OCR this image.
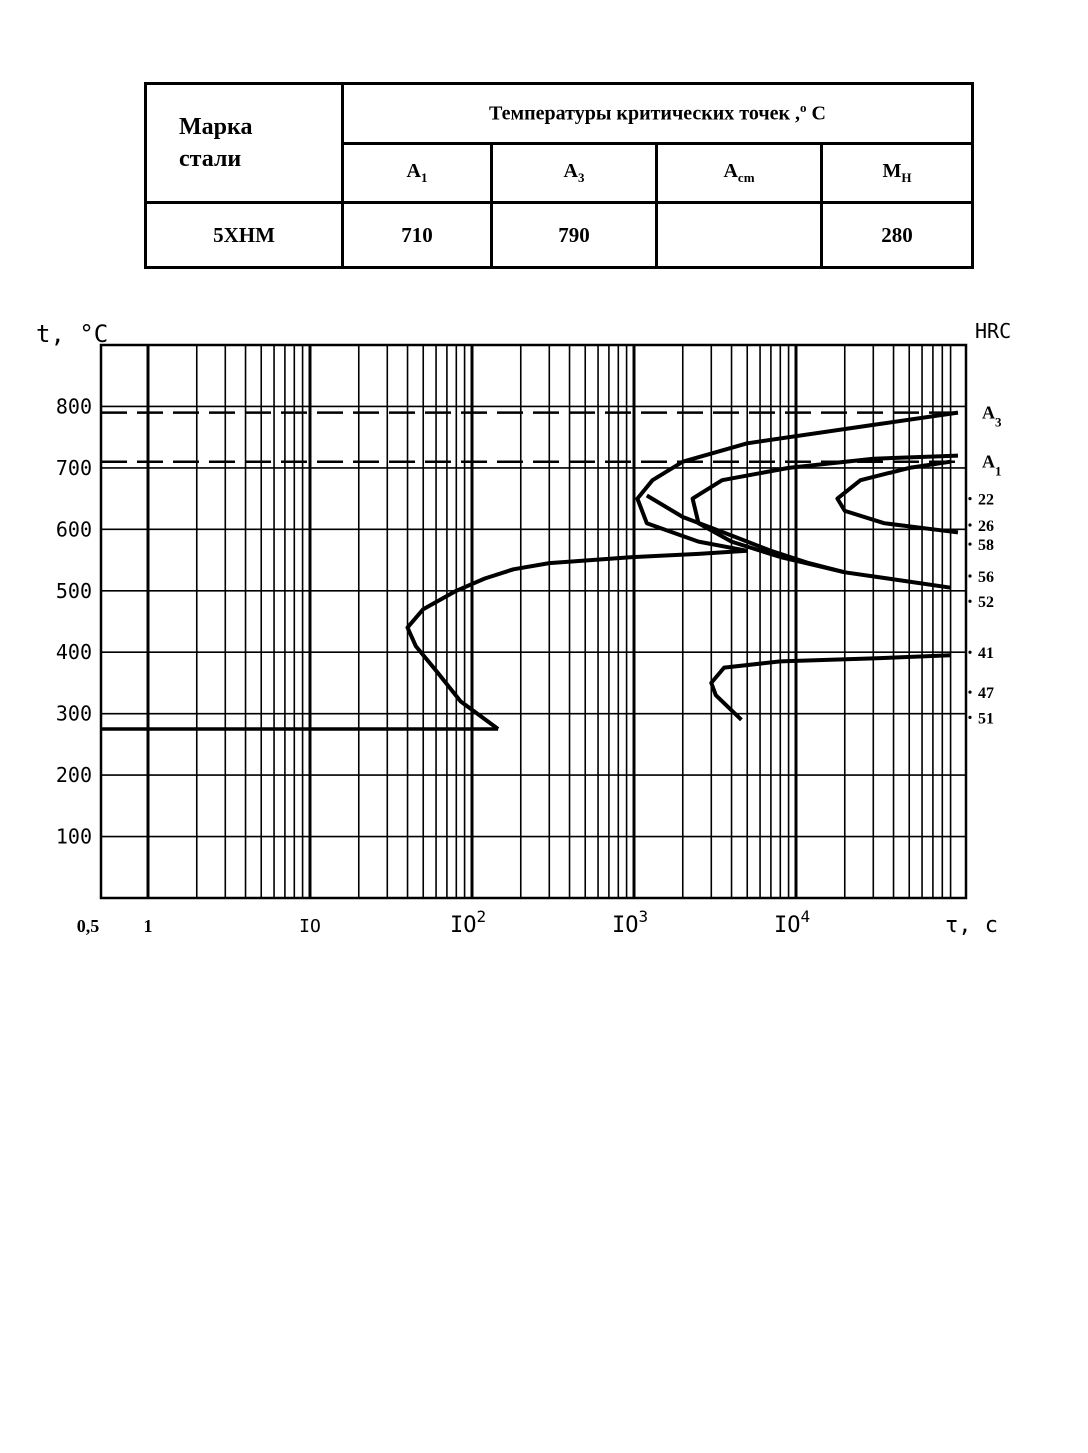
Марка стали	Температуры критических точек ,$^o$ C			
	$A_1$	$A_3$	$A_{cm}$	$M_H$
5ХНМ	710	790		280
100
200
300
400
500
600
700
800
t, °C	HRC
τ, с
0,5 1	IO	$IO^2$	$IO^3$	$IO^4$
$A_3$
$A_1$
22
26
58
56
52
41
47
51
